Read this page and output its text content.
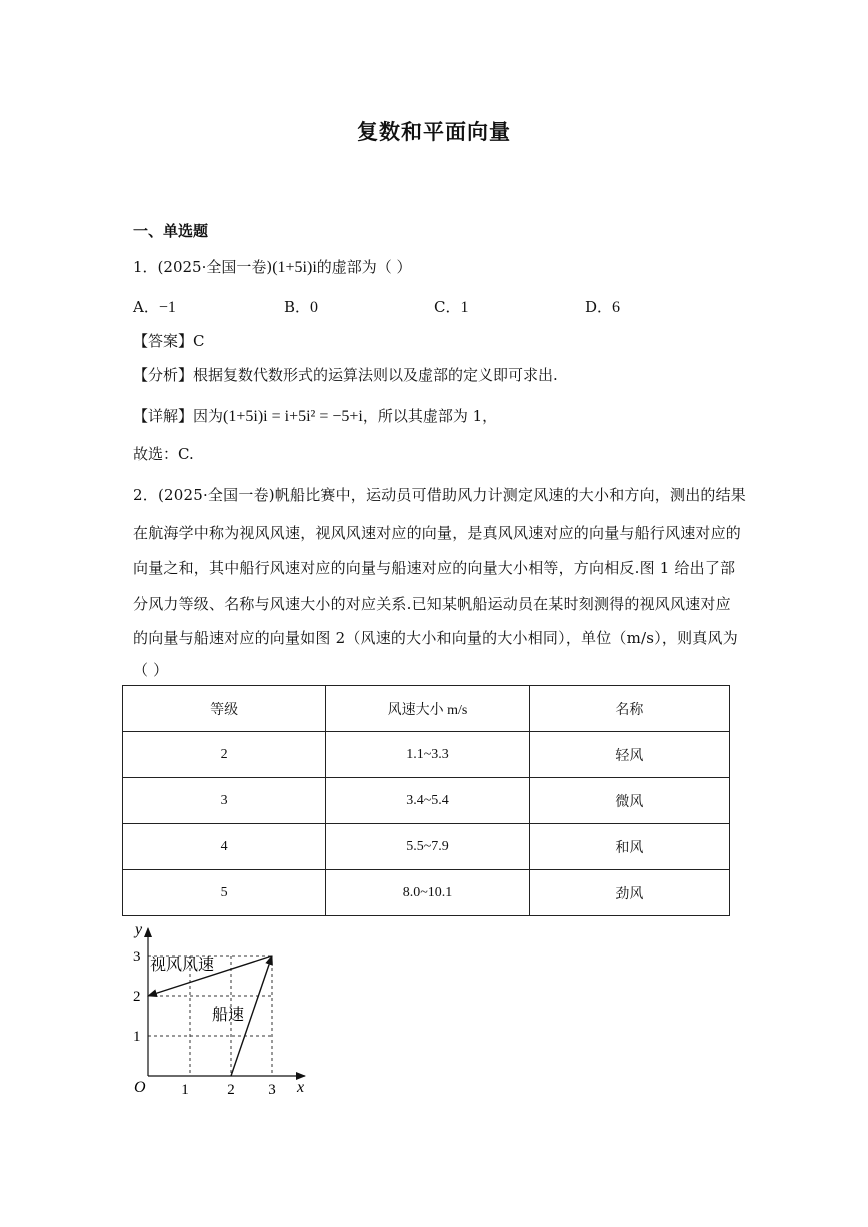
复数和平面向量
一、单选题
1．(2025·全国一卷)(1+5i)i的虚部为（ ）
A．−1	B．0	C．1	D．6
【答案】C
【分析】根据复数代数形式的运算法则以及虚部的定义即可求出.
【详解】因为(1+5i)i = i+5i² = −5+i，所以其虚部为 1，
故选：C.
2．(2025·全国一卷)帆船比赛中，运动员可借助风力计测定风速的大小和方向，测出的结果
在航海学中称为视风风速，视风风速对应的向量，是真风风速对应的向量与船行风速对应的
向量之和，其中船行风速对应的向量与船速对应的向量大小相等，方向相反.图 1 给出了部
分风力等级、名称与风速大小的对应关系.已知某帆船运动员在某时刻测得的视风风速对应
的向量与船速对应的向量如图 2（风速的大小和向量的大小相同），单位（m/s），则真风为
（ ）
等级	风速大小 m/s	名称
2	1.1~3.3	轻风
3	3.4~5.4	微风
4	5.5~7.9	和风
5	8.0~10.1	劲风
y
x
O 1	2 3
1
2
3 视风风速
船速
